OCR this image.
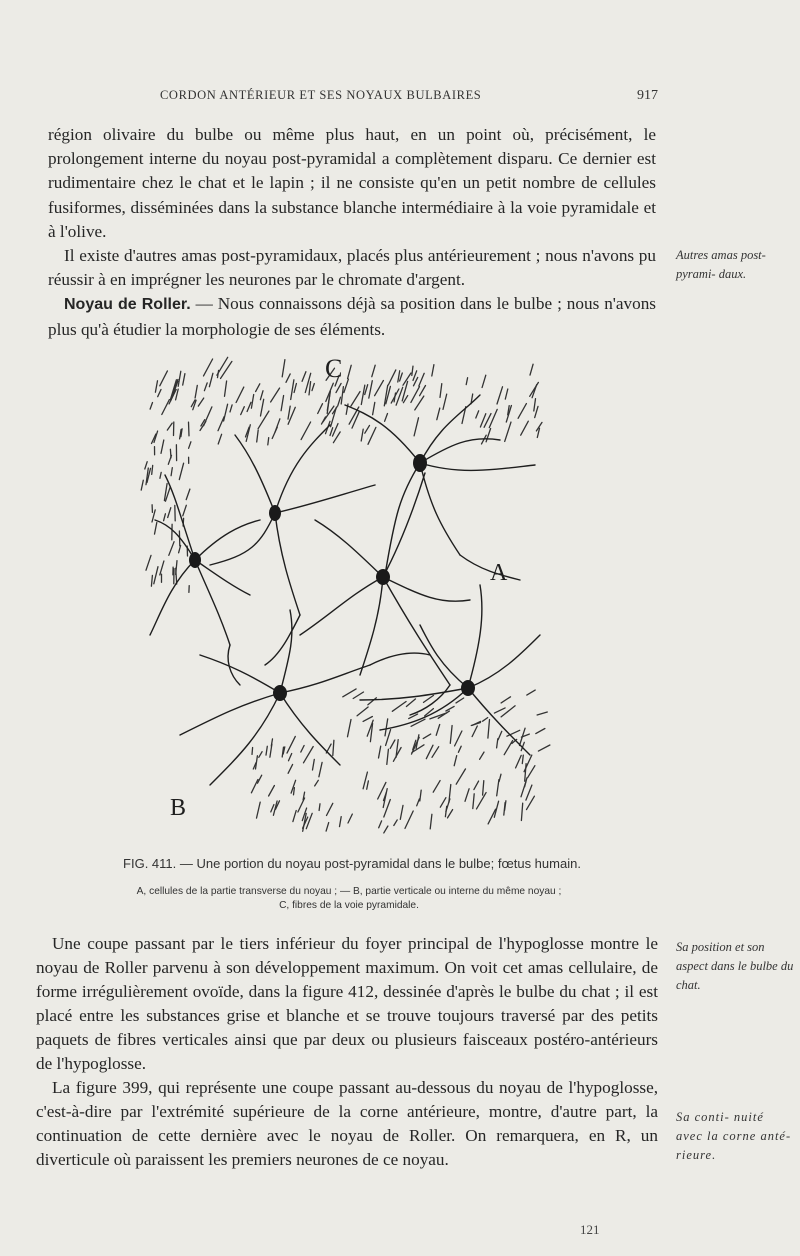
CORDON ANTÉRIEUR ET SES NOYAUX BULBAIRES	917

région olivaire du bulbe ou même plus haut, en un point où, précisément, le prolongement interne du noyau post-pyramidal a complètement disparu. Ce dernier est rudimentaire chez le chat et le lapin ; il ne consiste qu'en un petit nombre de cellules fusiformes, disséminées dans la substance blanche intermédiaire à la voie pyramidale et à l'olive.

Il existe d'autres amas post-pyramidaux, placés plus antérieurement ; nous n'avons pu réussir à en imprégner les neurones par le chromate d'argent.

Noyau de Roller. — Nous connaissons déjà sa position dans le bulbe ; nous n'avons plus qu'à étudier la morphologie de ses éléments.

Autres amas post-pyrami- daux.
C
A
B
FIG. 411. — Une portion du noyau post-pyramidal dans le bulbe; fœtus humain.
A, cellules de la partie transverse du noyau ; — B, partie verticale ou interne du même noyau ;
C, fibres de la voie pyramidale.

Une coupe passant par le tiers inférieur du foyer principal de l'hypoglosse montre le noyau de Roller parvenu à son développement maximum. On voit cet amas cellulaire, de forme irrégulièrement ovoïde, dans la figure 412, dessinée d'après le bulbe du chat ; il est placé entre les substances grise et blanche et se trouve toujours traversé par des petits paquets de fibres verticales ainsi que par deux ou plusieurs faisceaux postéro-antérieurs de l'hypoglosse.

La figure 399, qui représente une coupe passant au-dessous du noyau de l'hypoglosse, c'est-à-dire par l'extrémité supérieure de la corne antérieure, montre, d'autre part, la continuation de cette dernière avec le noyau de Roller. On remarquera, en R, un diverticule où paraissent les premiers neurones de ce noyau.

Sa position et son aspect dans le bulbe du chat.
Sa conti- nuité avec la corne anté- rieure.
121
